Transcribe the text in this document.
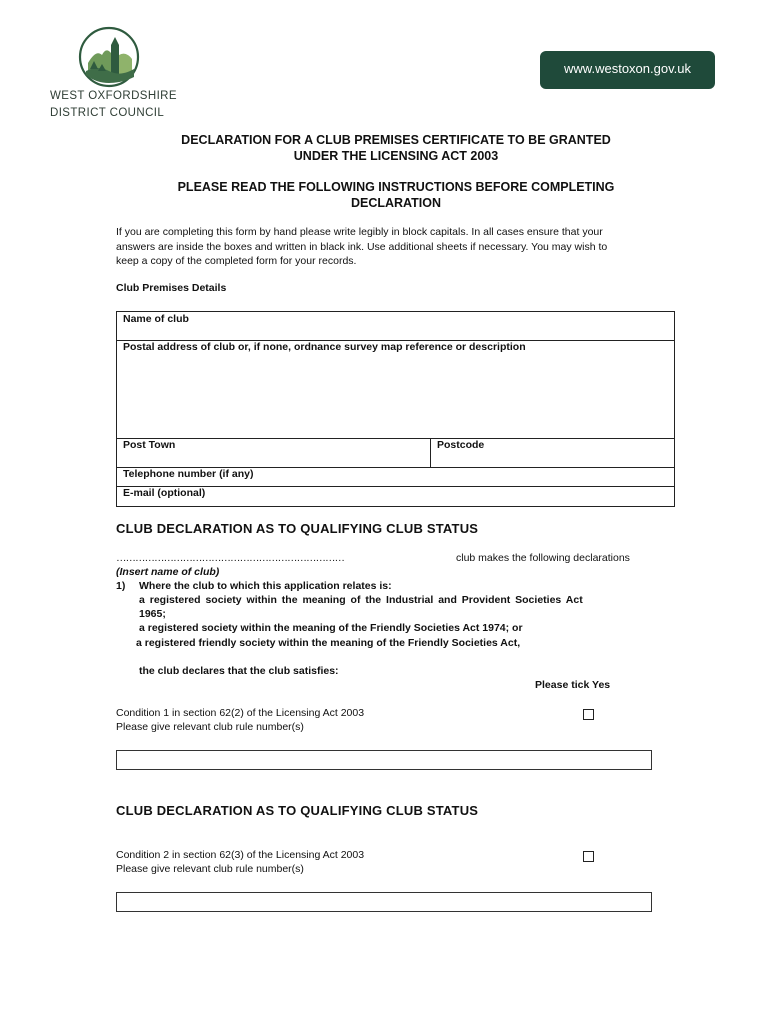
WEST OXFORDSHIRE
DISTRICT COUNCIL
www.westoxon.gov.uk
DECLARATION FOR A CLUB PREMISES CERTIFICATE TO BE GRANTED
UNDER THE LICENSING ACT 2003
PLEASE READ THE FOLLOWING INSTRUCTIONS BEFORE COMPLETING
DECLARATION
If you are completing this form by hand please write legibly in block capitals. In all cases ensure that your
answers are inside the boxes and written in black ink. Use additional sheets if necessary. You may wish to
keep a copy of the completed form for your records.
Club Premises Details
Name of club
Postal address of club or, if none, ordnance survey map reference or description
Post Town	Postcode
Telephone number (if any)
E-mail (optional)
CLUB DECLARATION AS TO QUALIFYING CLUB STATUS
………………………………………………………………	club makes the following declarations
(Insert name of club)
1) Where the club to which this application relates is:
a registered society within the meaning of the Industrial and Provident Societies Act
1965;
a registered society within the meaning of the Friendly Societies Act 1974; or
a registered friendly society within the meaning of the Friendly Societies Act,
the club declares that the club satisfies:
Please tick Yes
Condition 1 in section 62(2) of the Licensing Act 2003
Please give relevant club rule number(s)
CLUB DECLARATION AS TO QUALIFYING CLUB STATUS
Condition 2 in section 62(3) of the Licensing Act 2003
Please give relevant club rule number(s)
